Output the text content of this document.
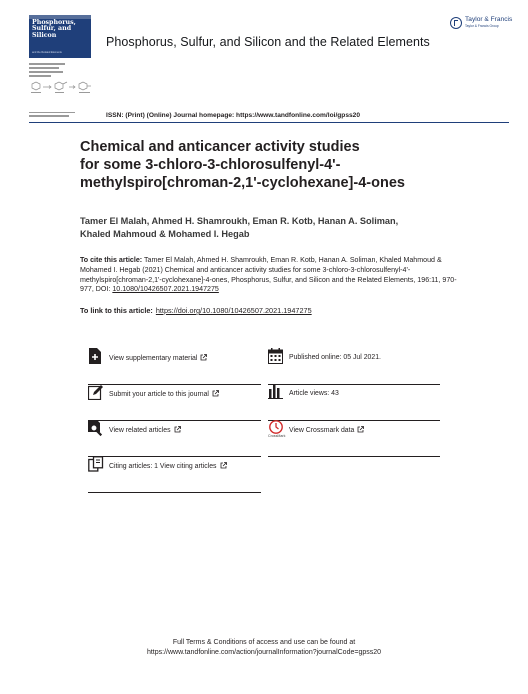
Phosphorus,
Sulfur, and
Silicon
and the Related Elements
Phosphorus, Sulfur, and Silicon and the Related Elements
Taylor & Francis
Taylor & Francis Group
ISSN: (Print) (Online) Journal homepage: https://www.tandfonline.com/loi/gpss20
Chemical and anticancer activity studies
for some 3-chloro-3-chlorosulfenyl-4'-
methylspiro[chroman-2,1'-cyclohexane]-4-ones
Tamer El Malah, Ahmed H. Shamroukh, Eman R. Kotb, Hanan A. Soliman,
Khaled Mahmoud & Mohamed I. Hegab
To cite this article: Tamer El Malah, Ahmed H. Shamroukh, Eman R. Kotb, Hanan A. Soliman, Khaled Mahmoud & Mohamed I. Hegab (2021) Chemical and anticancer activity studies for some 3-chloro-3-chlorosulfenyl-4'-methylspiro[chroman-2,1'-cyclohexane]-4-ones, Phosphorus, Sulfur, and Silicon and the Related Elements, 196:11, 970-977, DOI: 10.1080/10426507.2021.1947275
To link to this article: https://doi.org/10.1080/10426507.2021.1947275
View supplementary material	Published online: 05 Jul 2021.
Submit your article to this journal	Article views: 43
View related articles
CrossMark
View Crossmark data
Citing articles: 1 View citing articles
Full Terms & Conditions of access and use can be found at
https://www.tandfonline.com/action/journalInformation?journalCode=gpss20
